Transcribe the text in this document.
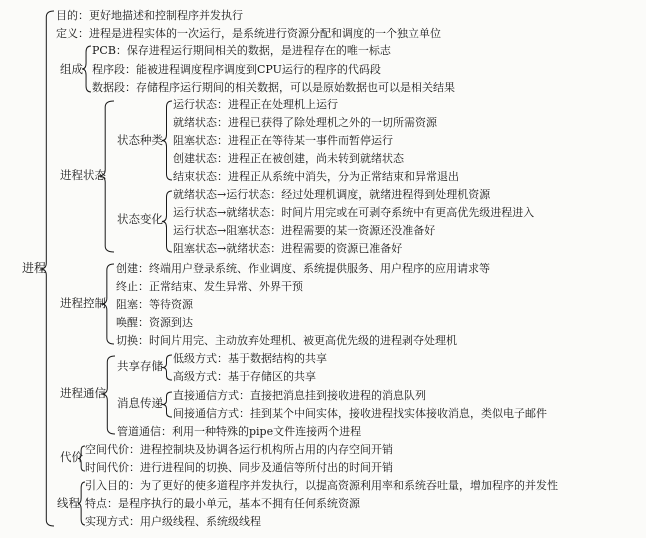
进程
目的：更好地描述和控制程序并发执行
定义：进程是进程实体的一次运行，是系统进行资源分配和调度的一个独立单位
组成
PCB：保存进程运行期间相关的数据，是进程存在的唯一标志
程序段：能被进程调度程序调度到CPU运行的程序的代码段
数据段：存储程序运行期间的相关数据，可以是原始数据也可以是相关结果
进程状态
状态种类
运行状态：进程正在处理机上运行
就绪状态：进程已获得了除处理机之外的一切所需资源
阻塞状态：进程正在等待某一事件而暂停运行
创建状态：进程正在被创建，尚未转到就绪状态
结束状态：进程正从系统中消失，分为正常结束和异常退出
状态变化
就绪状态→运行状态：经过处理机调度，就绪进程得到处理机资源
运行状态→就绪状态：时间片用完或在可剥夺系统中有更高优先级进程进入
运行状态→阻塞状态：进程需要的某一资源还没准备好
阻塞状态→就绪状态：进程需要的资源已准备好
进程控制
创建：终端用户登录系统、作业调度、系统提供服务、用户程序的应用请求等
终止：正常结束、发生异常、外界干预
阻塞：等待资源
唤醒：资源到达
切换：时间片用完、主动放弃处理机、被更高优先级的进程剥夺处理机
进程通信
共享存储
低级方式：基于数据结构的共享
高级方式：基于存储区的共享
消息传递
直接通信方式：直接把消息挂到接收进程的消息队列
间接通信方式：挂到某个中间实体，接收进程找实体接收消息，类似电子邮件
管道通信：利用一种特殊的pipe文件连接两个进程
代价
空间代价：进程控制块及协调各运行机构所占用的内存空间开销
时间代价：进行进程间的切换、同步及通信等所付出的时间开销
线程
引入目的：为了更好的使多道程序并发执行，以提高资源利用率和系统吞吐量，增加程序的并发性
特点：是程序执行的最小单元，基本不拥有任何系统资源
实现方式：用户级线程、系统级线程
